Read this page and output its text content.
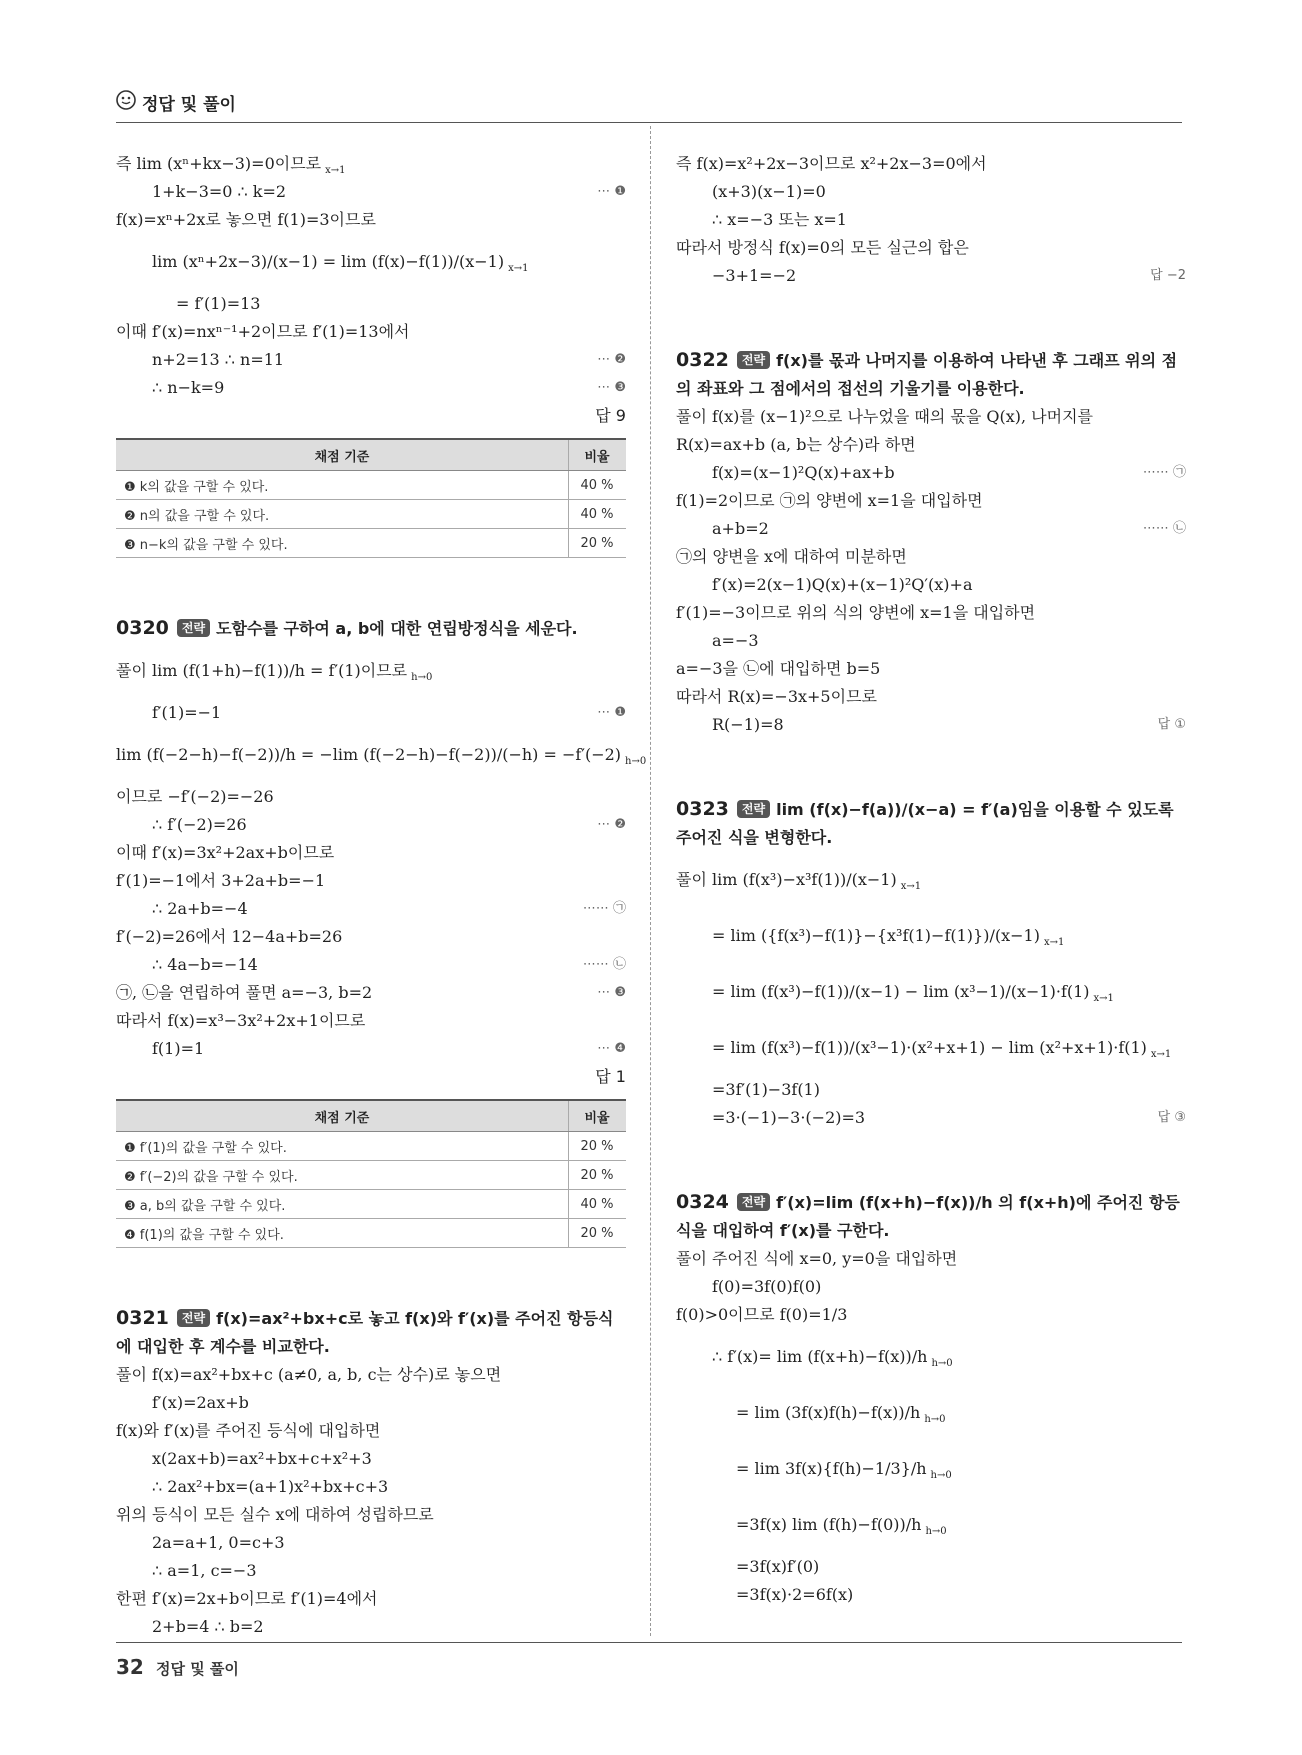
정답 및 풀이
즉 lim (xⁿ+kx−3)=0이므로 $_{x\to 1}$
1+k−3=0 ∴ k=2	⋯ ❶
f(x)=xⁿ+2x로 놓으면 f(1)=3이므로
lim (xⁿ+2x−3)/(x−1) = lim (f(x)−f(1))/(x−1) $_{x\to 1}$
= f′(1)=13
이때 f′(x)=nxⁿ⁻¹+2이므로 f′(1)=13에서
n+2=13 ∴ n=11	⋯ ❷
∴ n−k=9	⋯ ❸
답 9
채점 기준	비율
❶ k의 값을 구할 수 있다.	40 %
❷ n의 값을 구할 수 있다.	40 %
❸ n−k의 값을 구할 수 있다.	20 %
0320 전략 도함수를 구하여 a, b에 대한 연립방정식을 세운다.
풀이 lim (f(1+h)−f(1))/h = f′(1)이므로 $_{h\to 0}$
f′(1)=−1	⋯ ❶
lim (f(−2−h)−f(−2))/h = −lim (f(−2−h)−f(−2))/(−h) = −f′(−2) $_{h\to 0}$
이므로 −f′(−2)=−26
∴ f′(−2)=26	⋯ ❷
이때 f′(x)=3x²+2ax+b이므로
f′(1)=−1에서 3+2a+b=−1
∴ 2a+b=−4	⋯⋯ ㉠
f′(−2)=26에서 12−4a+b=26
∴ 4a−b=−14	⋯⋯ ㉡
㉠, ㉡을 연립하여 풀면 a=−3, b=2	⋯ ❸
따라서 f(x)=x³−3x²+2x+1이므로
f(1)=1	⋯ ❹
답 1
채점 기준	비율
❶ f′(1)의 값을 구할 수 있다.	20 %
❷ f′(−2)의 값을 구할 수 있다.	20 %
❸ a, b의 값을 구할 수 있다.	40 %
❹ f(1)의 값을 구할 수 있다.	20 %
0321 전략 f(x)=ax²+bx+c로 놓고 f(x)와 f′(x)를 주어진 항등식에 대입한 후 계수를 비교한다.
풀이 f(x)=ax²+bx+c (a≠0, a, b, c는 상수)로 놓으면
f′(x)=2ax+b
f(x)와 f′(x)를 주어진 등식에 대입하면
x(2ax+b)=ax²+bx+c+x²+3
∴ 2ax²+bx=(a+1)x²+bx+c+3
위의 등식이 모든 실수 x에 대하여 성립하므로
2a=a+1, 0=c+3
∴ a=1, c=−3
한편 f′(x)=2x+b이므로 f′(1)=4에서
2+b=4 ∴ b=2
즉 f(x)=x²+2x−3이므로 x²+2x−3=0에서
(x+3)(x−1)=0
∴ x=−3 또는 x=1
따라서 방정식 f(x)=0의 모든 실근의 합은
−3+1=−2	답 −2
0322 전략 f(x)를 몫과 나머지를 이용하여 나타낸 후 그래프 위의 점의 좌표와 그 점에서의 접선의 기울기를 이용한다.
풀이 f(x)를 (x−1)²으로 나누었을 때의 몫을 Q(x), 나머지를
R(x)=ax+b (a, b는 상수)라 하면
f(x)=(x−1)²Q(x)+ax+b	⋯⋯ ㉠
f(1)=2이므로 ㉠의 양변에 x=1을 대입하면
a+b=2	⋯⋯ ㉡
㉠의 양변을 x에 대하여 미분하면
f′(x)=2(x−1)Q(x)+(x−1)²Q′(x)+a
f′(1)=−3이므로 위의 식의 양변에 x=1을 대입하면
a=−3
a=−3을 ㉡에 대입하면 b=5
따라서 R(x)=−3x+5이므로
R(−1)=8	답 ①
0323 전략 lim (f(x)−f(a))/(x−a) = f′(a)임을 이용할 수 있도록 주어진 식을 변형한다.
풀이 lim (f(x³)−x³f(1))/(x−1) $_{x\to 1}$
= lim ({f(x³)−f(1)}−{x³f(1)−f(1)})/(x−1) $_{x\to 1}$
= lim (f(x³)−f(1))/(x−1) − lim (x³−1)/(x−1)·f(1) $_{x\to 1}$
= lim (f(x³)−f(1))/(x³−1)·(x²+x+1) − lim (x²+x+1)·f(1) $_{x\to 1}$
=3f′(1)−3f(1)
=3·(−1)−3·(−2)=3	답 ③
0324 전략 f′(x)=lim (f(x+h)−f(x))/h 의 f(x+h)에 주어진 항등식을 대입하여 f′(x)를 구한다.
풀이 주어진 식에 x=0, y=0을 대입하면
f(0)=3f(0)f(0)
f(0)>0이므로 f(0)=1/3
∴ f′(x)= lim (f(x+h)−f(x))/h $_{h\to 0}$
= lim (3f(x)f(h)−f(x))/h $_{h\to 0}$
= lim 3f(x){f(h)−1/3}/h $_{h\to 0}$
=3f(x) lim (f(h)−f(0))/h $_{h\to 0}$
=3f(x)f′(0)
=3f(x)·2=6f(x)
32 정답 및 풀이
